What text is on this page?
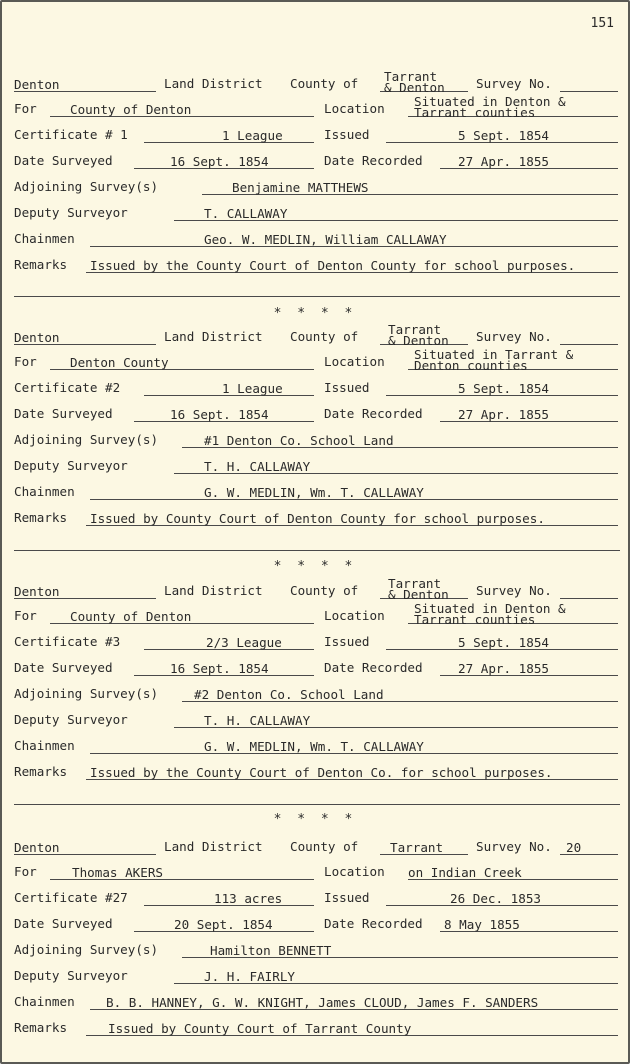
151
Denton	Land District County of Tarrant
& Denton Survey No.
For	County of Denton	Location Situated in Denton &
Tarrant counties
Certificate # 1	1 League	Issued	5 Sept. 1854
Date Surveyed	16 Sept. 1854	Date Recorded	27 Apr. 1855
Adjoining Survey(s)	Benjamine MATTHEWS
Deputy Surveyor	T. CALLAWAY
Chainmen	Geo. W. MEDLIN, William CALLAWAY
Remarks Issued by the County Court of Denton County for school purposes.
* * * *
Denton	Land District County of Tarrant
& Denton Survey No.
For	Denton County	Location Situated in Tarrant &
Denton counties
Certificate #2	1 League	Issued	5 Sept. 1854
Date Surveyed	16 Sept. 1854	Date Recorded	27 Apr. 1855
Adjoining Survey(s)	#1 Denton Co. School Land
Deputy Surveyor	T. H. CALLAWAY
Chainmen	G. W. MEDLIN, Wm. T. CALLAWAY
Remarks Issued by County Court of Denton County for school purposes.
* * * *
Denton	Land District County of Tarrant
& Denton Survey No.
For	County of Denton	Location Situated in Denton &
Tarrant counties
Certificate #3	2/3 League	Issued	5 Sept. 1854
Date Surveyed	16 Sept. 1854	Date Recorded	27 Apr. 1855
Adjoining Survey(s)	#2 Denton Co. School Land
Deputy Surveyor	T. H. CALLAWAY
Chainmen	G. W. MEDLIN, Wm. T. CALLAWAY
Remarks Issued by the County Court of Denton Co. for school purposes.
* * * *
Denton	Land District County of	Tarrant	Survey No. 20
For	Thomas AKERS	Location on Indian Creek
Certificate #27	113 acres	Issued	26 Dec. 1853
Date Surveyed	20 Sept. 1854	Date Recorded 8 May 1855
Adjoining Survey(s)	Hamilton BENNETT
Deputy Surveyor	J. H. FAIRLY
Chainmen B. B. HANNEY, G. W. KNIGHT, James CLOUD, James F. SANDERS
Remarks	Issued by County Court of Tarrant County
